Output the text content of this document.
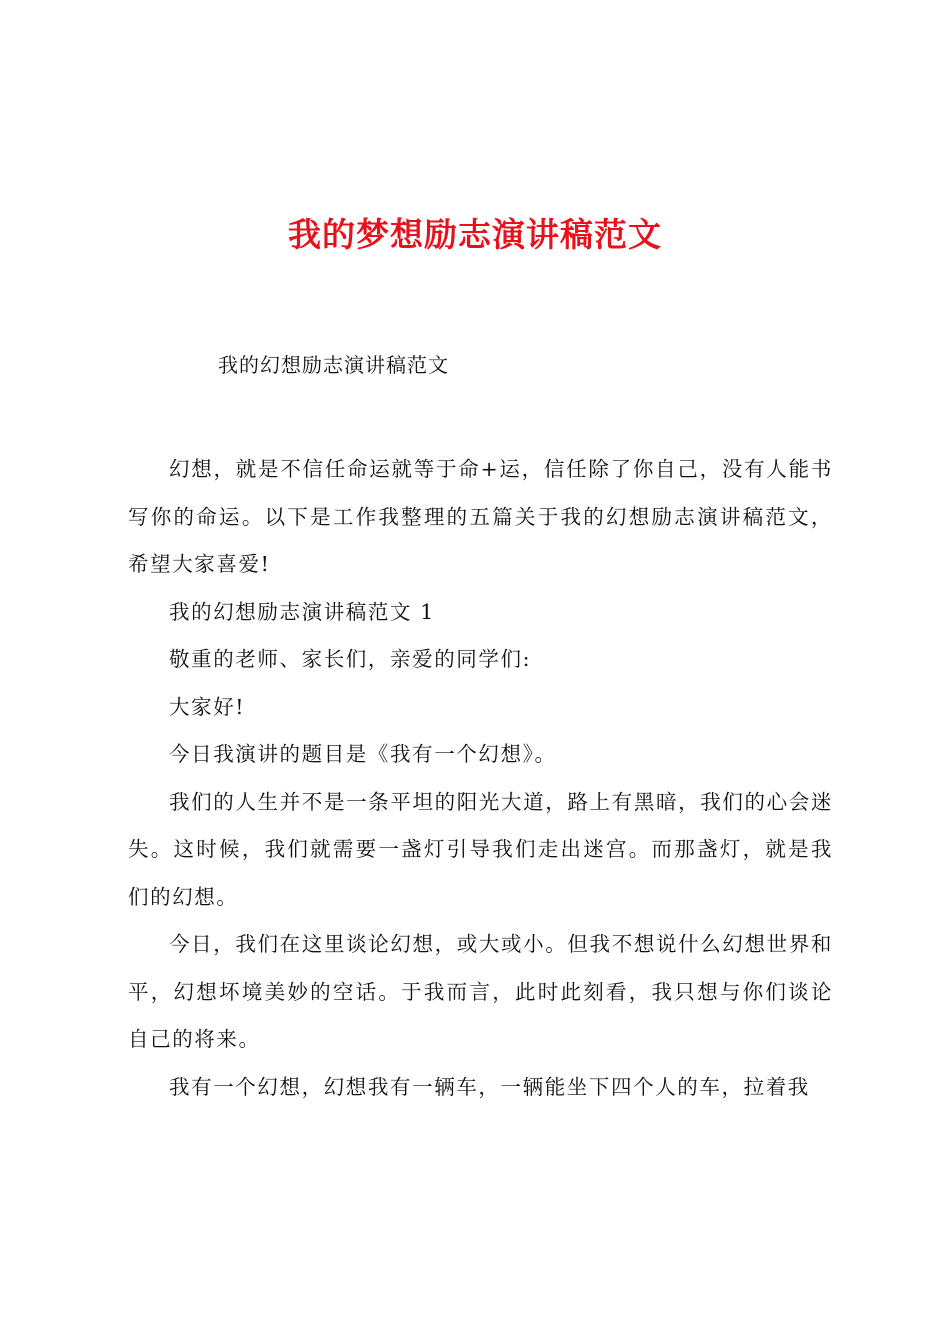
我的梦想励志演讲稿范文

我的幻想励志演讲稿范文

幻想，就是不信任命运就等于命+运，信任除了你自己，没有人能书写你的命运。以下是工作我整理的五篇关于我的幻想励志演讲稿范文，希望大家喜爱!

我的幻想励志演讲稿范文 1

敬重的老师、家长们，亲爱的同学们:

大家好!

今日我演讲的题目是《我有一个幻想》。

我们的人生并不是一条平坦的阳光大道，路上有黑暗，我们的心会迷失。这时候，我们就需要一盏灯引导我们走出迷宫。而那盏灯，就是我们的幻想。

今日，我们在这里谈论幻想，或大或小。但我不想说什么幻想世界和平，幻想坏境美妙的空话。于我而言，此时此刻看，我只想与你们谈论自己的将来。

我有一个幻想，幻想我有一辆车，一辆能坐下四个人的车，拉着我
